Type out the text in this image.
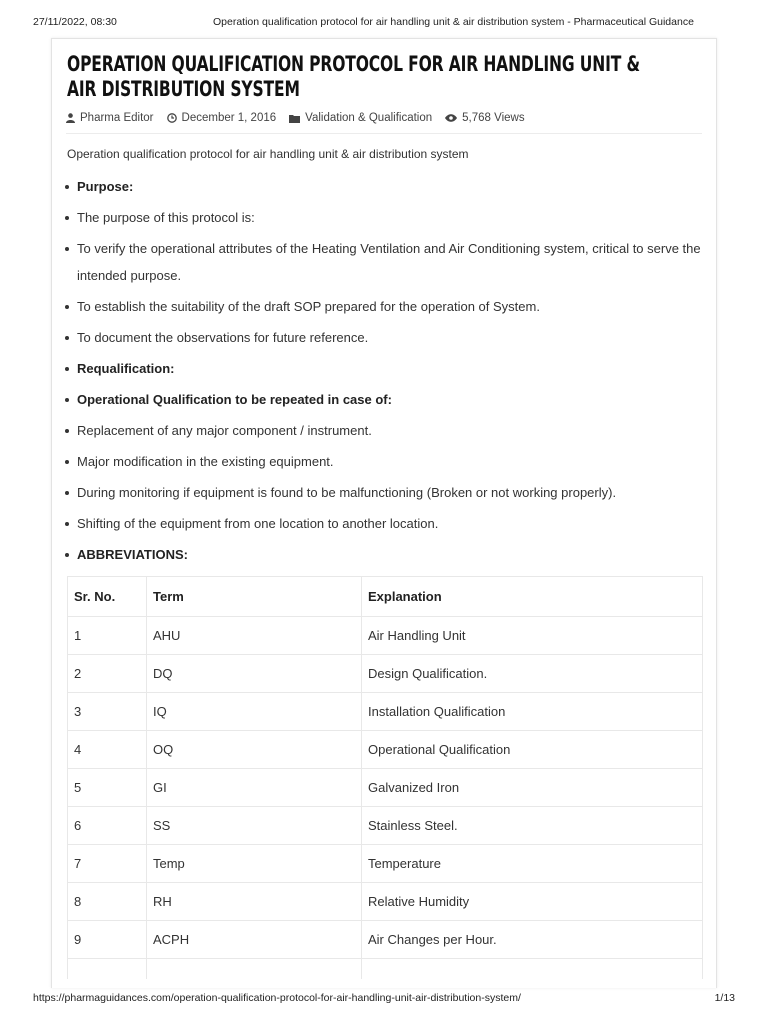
27/11/2022, 08:30	Operation qualification protocol for air handling unit & air distribution system - Pharmaceutical Guidance
OPERATION QUALIFICATION PROTOCOL FOR AIR HANDLING UNIT & AIR DISTRIBUTION SYSTEM
Pharma Editor December 1, 2016	Validation & Qualification	5,768 Views
Operation qualification protocol for air handling unit & air distribution system
Purpose:
The purpose of this protocol is:
To verify the operational attributes of the Heating Ventilation and Air Conditioning system, critical to serve the intended purpose.
To establish the suitability of the draft SOP prepared for the operation of System.
To document the observations for future reference.
Requalification:
Operational Qualification to be repeated in case of:
Replacement of any major component / instrument.
Major modification in the existing equipment.
During monitoring if equipment is found to be malfunctioning (Broken or not working properly).
Shifting of the equipment from one location to another location.
ABBREVIATIONS:
Sr. No.	Term	Explanation
1	AHU	Air Handling Unit
2	DQ	Design Qualification.
3	IQ	Installation Qualification
4	OQ	Operational Qualification
5	GI	Galvanized Iron
6	SS	Stainless Steel.
7	Temp	Temperature
8	RH	Relative Humidity
9	ACPH	Air Changes per Hour.

https://pharmaguidances.com/operation-qualification-protocol-for-air-handling-unit-air-distribution-system/	1/13
